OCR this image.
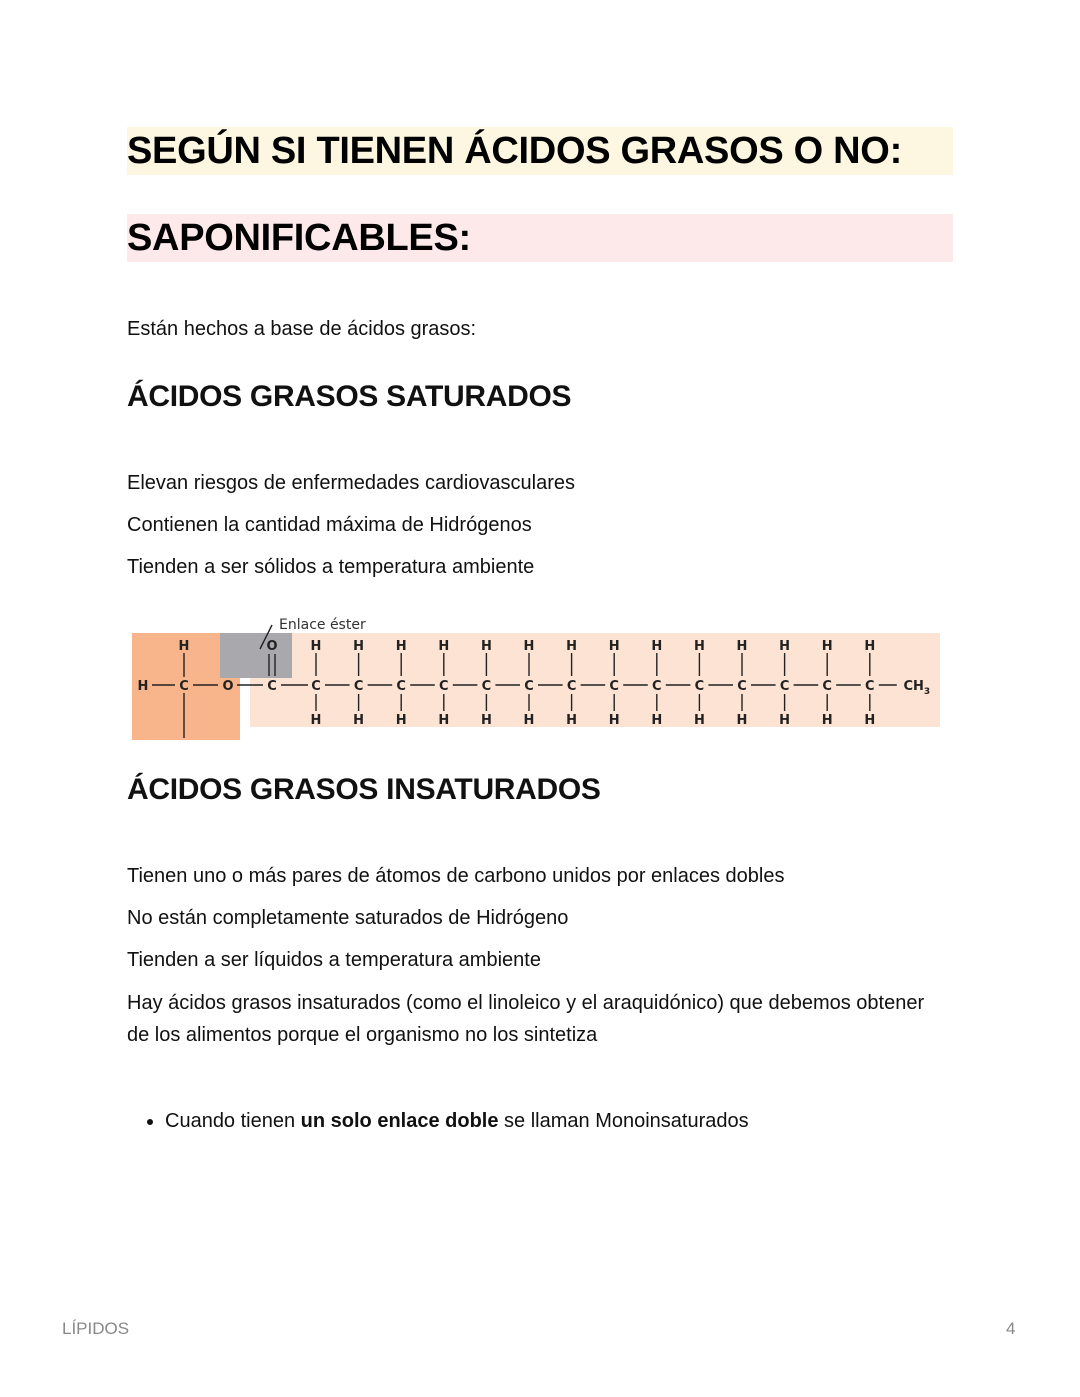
SEGÚN SI TIENEN ÁCIDOS GRASOS O NO:
SAPONIFICABLES:
Están hechos a base de ácidos grasos:
ÁCIDOS GRASOS SATURADOS
Elevan riesgos de enfermedades cardiovasculares
Contienen la cantidad máxima de Hidrógenos
Tienden a ser sólidos a temperatura ambiente
H C
H
O	C
O
C
H
H
C
H
H
C
H
H
C
H
H
C
H
H
C
H
H
C
H
H
C
H
H
C
H
H
C
H
H
C
H
H
C
H
H
C
H
H
C
H
H
$CH_3$
Enlace éster
ÁCIDOS GRASOS INSATURADOS
Tienen uno o más pares de átomos de carbono unidos por enlaces dobles
No están completamente saturados de Hidrógeno
Tienden a ser líquidos a temperatura ambiente
Hay ácidos grasos insaturados (como el linoleico y el araquidónico) que debemos obtener de los alimentos porque el organismo no los sintetiza
• Cuando tienen un solo enlace doble se llaman Monoinsaturados
LÍPIDOS	4
